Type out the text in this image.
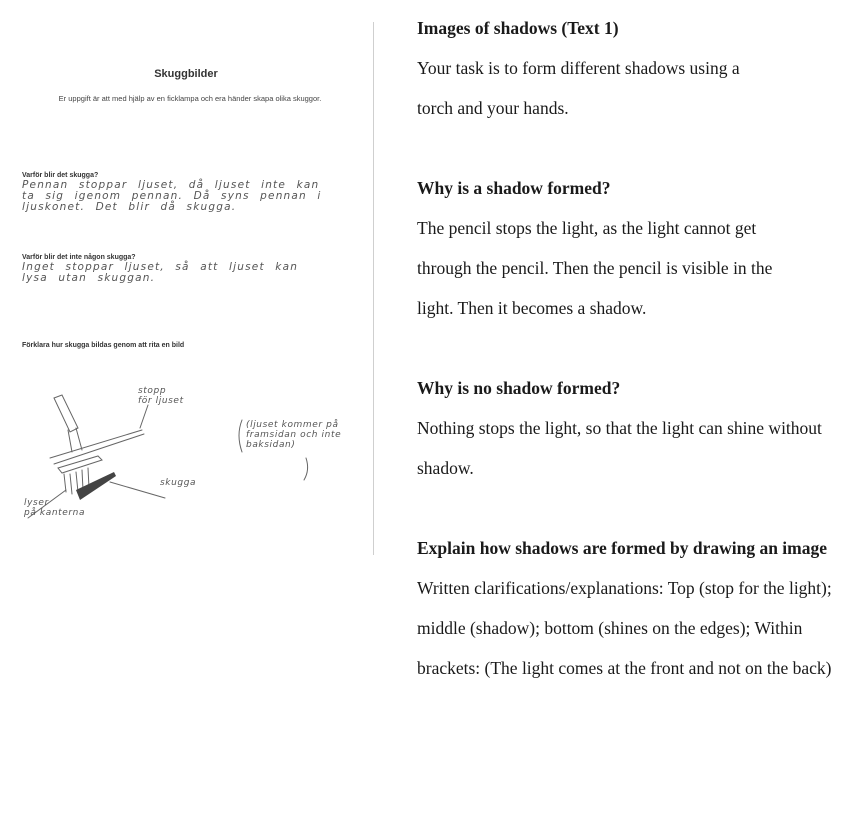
Skuggbilder
Er uppgift är att med hjälp av en ficklampa och era händer skapa olika skuggor.
Varför blir det skugga?
Pennan stoppar ljuset, då ljuset inte kan
ta sig igenom pennan. Då syns pennan i
ljuskonet. Det blir då skugga.
Varför blir det inte någon skugga?
Inget stoppar ljuset, så att ljuset kan
lysa utan skuggan.
Förklara hur skugga bildas genom att rita en bild
stopp
för ljuset
skugga
lyser
på kanterna
(ljuset kommer på
framsidan och inte
baksidan)

Images of shadows (Text 1)

Your task is to form different shadows using a torch and your hands.

Why is a shadow formed?

The pencil stops the light, as the light cannot get through the pencil. Then the pencil is visible in the light. Then it becomes a shadow.

Why is no shadow formed?

Nothing stops the light, so that the light can shine without shadow.

Explain how shadows are formed by drawing an image

Written clarifications/explanations: Top (stop for the light); middle (shadow); bottom (shines on the edges); Within brackets: (The light comes at the front and not on the back)
